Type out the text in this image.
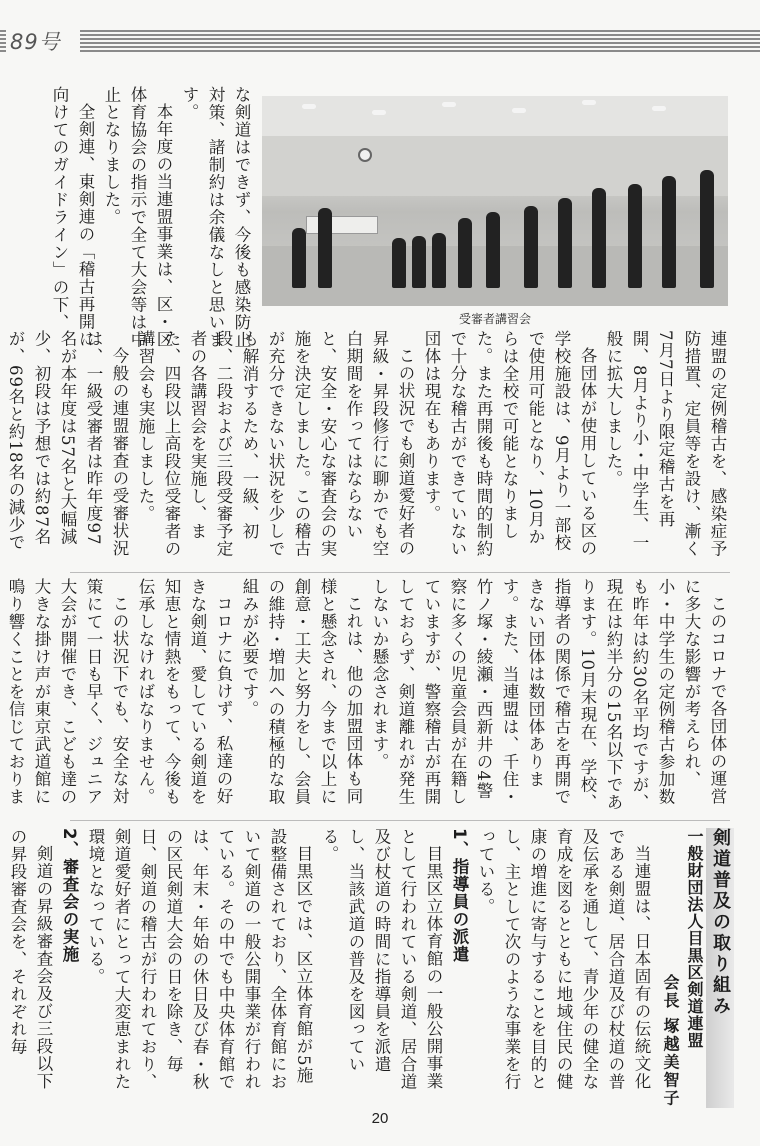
89号
受審者講習会

な剣道はできず、今後も感染防止対策、諸制約は余儀なしと思います。

本年度の当連盟事業は、区・区体育協会の指示で全て大会等は中止となりました。

全剣連、東剣連の「稽古再開に向けてのガイドライン」の下、

連盟の定例稽古を、感染症予防措置、定員等を設け、漸く7月7日より限定稽古を再開、8月より小・中学生、一般に拡大しました。

各団体が使用している区の学校施設は、9月より一部校で使用可能となり、10月からは全校で可能となりました。また再開後も時間的制約で十分な稽古ができていない団体は現在もあります。

この状況でも剣道愛好者の昇級・昇段修行に聊かでも空白期間を作ってはならないと、安全・安心な審査会の実施を決定しました。この稽古が充分できない状況を少しでも解消するため、一級、初段、二段および三段受審予定者の各講習会を実施し、また、四段以上高段位受審者の講習会も実施しました。

今般の連盟審査の受審状況は、一級受審者は昨年度97名が本年度は57名と大幅減少、初段は予想では約87名が、69名と約18名の減少で

このコロナで各団体の運営に多大な影響が考えられ、小・中学生の定例稽古参加数も昨年は約30名平均ですが、現在は約半分の15名以下であります。10月末現在、学校、指導者の関係で稽古を再開できない団体は数団体あります。また、当連盟は、千住・竹ノ塚・綾瀬・西新井の4警察に多くの児童会員が在籍していますが、警察稽古が再開しておらず、剣道離れが発生しないか懸念されます。

これは、他の加盟団体も同様と懸念され、今まで以上に創意・工夫と努力をし、会員の維持・増加への積極的な取組みが必要です。

コロナに負けず、私達の好きな剣道、愛している剣道を知恵と情熱をもって、今後も伝承しなければなりません。

この状況下でも、安全な対策にて一日も早く、ジュニア大会が開催でき、こども達の大きな掛け声が東京武道館に鳴り響くことを信じておりま

剣道普及の取り組み
一般財団法人目黒区剣道連盟
会長 塚越美智子

当連盟は、日本固有の伝統文化である剣道、居合道及び杖道の普及伝承を通して、青少年の健全な育成を図るとともに地域住民の健康の増進に寄与することを目的とし、主として次のような事業を行っている。

1、指導員の派遣

目黒区立体育館の一般公開事業として行われている剣道、居合道及び杖道の時間に指導員を派遣し、当該武道の普及を図っている。

目黒区では、区立体育館が5施設整備されており、全体育館において剣道の一般公開事業が行われている。その中でも中央体育館では、年末・年始の休日及び春・秋の区民剣道大会の日を除き、毎日、剣道の稽古が行われており、剣道愛好者にとって大変恵まれた環境となっている。

2、審査会の実施

剣道の昇級審査会及び三段以下の昇段審査会を、それぞれ毎

20
